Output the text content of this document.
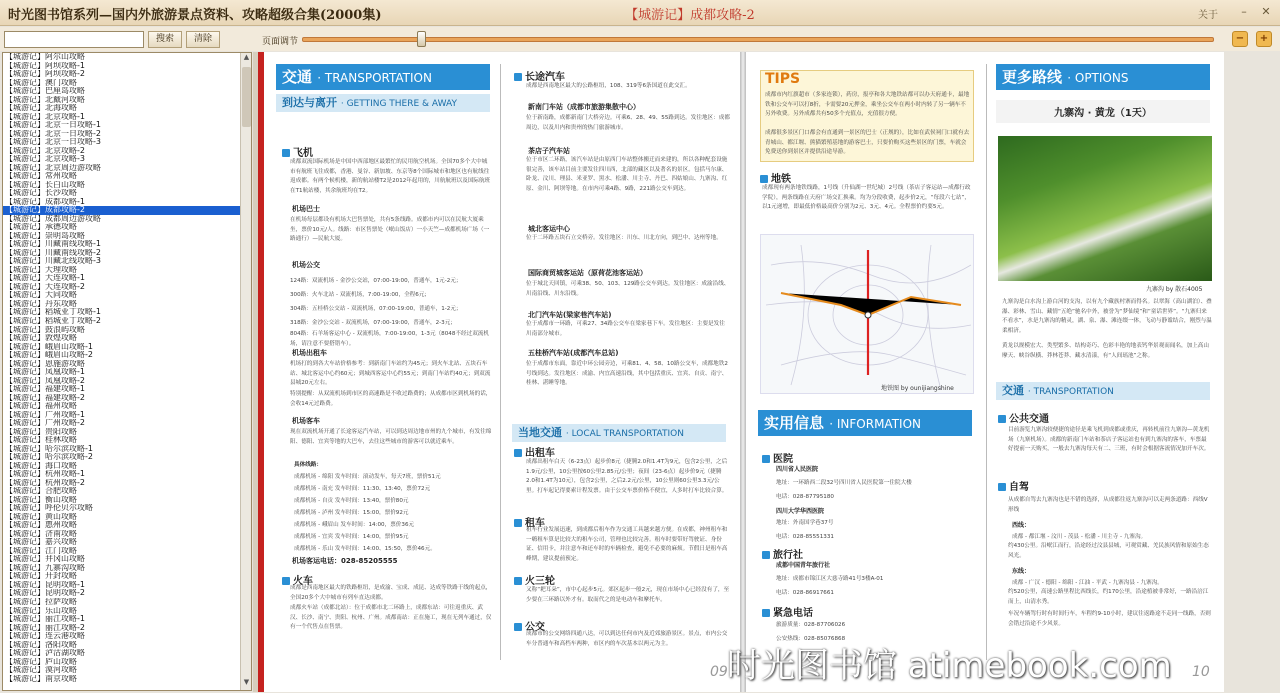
时光图书馆系列—国内外旅游景点资料、攻略超级合集(2000集)	【城游记】成都攻略-2	关于	–	✕
搜索	清除	页面调节	−	+
【城游记】阿尔山攻略
【城游记】阿坝攻略-1
【城游记】阿坝攻略-2
【城游记】澳门攻略
【城游记】巴厘岛攻略
【城游记】北戴河攻略
【城游记】北海攻略
【城游记】北京攻略-1
【城游记】北京一日攻略-1
【城游记】北京一日攻略-2
【城游记】北京一日攻略-3
【城游记】北京攻略-2
【城游记】北京攻略-3
【城游记】北京周边游攻略
【城游记】常州攻略
【城游记】长白山攻略
【城游记】长沙攻略
【城游记】成都攻略-1
【城游记】成都攻略-2
【城游记】成都周边游攻略
【城游记】承德攻略
【城游记】崇明岛攻略
【城游记】川藏南线攻略-1
【城游记】川藏南线攻略-2
【城游记】川藏北线攻略-3
【城游记】大理攻略
【城游记】大连攻略-1
【城游记】大连攻略-2
【城游记】大同攻略
【城游记】丹东攻略
【城游记】稻城亚丁攻略-1
【城游记】稻城亚丁攻略-2
【城游记】鼓浪屿攻略
【城游记】敦煌攻略
【城游记】峨眉山攻略-1
【城游记】峨眉山攻略-2
【城游记】恩施游攻略
【城游记】凤凰攻略-1
【城游记】凤凰攻略-2
【城游记】福建攻略-1
【城游记】福建攻略-2
【城游记】福州攻略
【城游记】广州攻略-1
【城游记】广州攻略-2
【城游记】贵阳攻略
【城游记】桂林攻略
【城游记】哈尔滨攻略-1
【城游记】哈尔滨攻略-2
【城游记】海口攻略
【城游记】杭州攻略-1
【城游记】杭州攻略-2
【城游记】合肥攻略
【城游记】衡山攻略
【城游记】呼伦贝尔攻略
【城游记】黄山攻略
【城游记】惠州攻略
【城游记】济南攻略
【城游记】嘉兴攻略
【城游记】江门攻略
【城游记】井冈山攻略
【城游记】九寨沟攻略
【城游记】开封攻略
【城游记】昆明攻略-1
【城游记】昆明攻略-2
【城游记】拉萨攻略
【城游记】乐山攻略
【城游记】丽江攻略-1
【城游记】丽江攻略-2
【城游记】连云港攻略
【城游记】洛阳攻略
【城游记】泸沽湖攻略
【城游记】庐山攻略
【城游记】漠河攻略
【城游记】南京攻略
▲
▼
交通 · TRANSPORTATION
到达与离开 · GETTING THERE & AWAY
飞机
成都双流国际机场是中国中西部地区最繁忙的民用航空机场。全国70多个大中城市有航班飞往成都，香港、曼谷、新加坡、东京等8个国际城市和地区也有航线往返成都。有两个候机楼，新的航站楼T2是2012年起用的，川航航班以及国际航班在T1航站楼，其余航班均在T2。
机场巴士
在机场每层都设有机场大巴售票处，共有5条线路。成都市内可以在民航大厦乘坐，票价10元/人。线路：市区售票处（岷山饭店）一小天竺—成都机场广场（一路通行）—民航大厦。
机场公交
124路：双流机场 - 金沙公交站，07:00-19:00，普通车，1元-2元；
300路：火车北站 - 双流机场，7:00-19:00，全程6元；
304路：五桂桥公交站 - 双流机场，07:00-19:00，普通车，1-2元；
318路：金沙公交站 - 双流机场，07:00-19:00，普通车，2-3元；
804路：石羊场客运中心 - 双流机场，7:00-19:00，1-3元（8048不经过双流机场，请注意不要搭错车）。
机场出租车
机场打的到各大车站价格参考：到新南门车站约为45元；到火车北站、五块石车站、城北客运中心约60元；到城西客运中心约55元；到南门车站约40元；到双流县城20元左右。
特别提醒：从双流机场到市区的高速路是不收过路费的；从成都市区到机场的话，会收14元过路费。
机场客车
现在双流机场开通了长途客运汽车站，可以到达周边地市州的九个城市，有发往绵阳、德阳、宜宾等地的大巴车，去往这些城市的游客可以就近乘车。
具体线路：
成都机场 - 绵阳 发车时间：滚动发车，每天7班，票价51元
成都机场 - 南充 发车时间：11:30、13:40，票价72元
成都机场 - 自贡 发车时间：13:40，票价80元
成都机场 - 泸州 发车时间：15:00，票价92元
成都机场 - 峨眉山 发车时间：14:00，票价36元
成都机场 - 宜宾 发车时间：14:00，票价95元
成都机场 - 乐山 发车时间：14:00、15:50，票价46元。
机场客运电话：028-85205555
火车
成都是西南地区最大的铁路枢纽，是成渝、宝成、成昆、达成等铁路干线的起点，全国20多个大中城市有列车直达成都。
成都火车站（成都北站）：位于成都市北二环路上，成都东站：可往返重庆、武汉、长沙、南宁、贵阳、杭州、广州。成都南站：正在施工，现在无列车通过，仅有一个代售点在售票。
长途汽车
成都是西南地区最大的公路枢纽，108、319等6条国道在此交汇。
新南门车站（成都市旅游集散中心）
位于新南路，成都新南门大桥旁边。可乘6、28、49、55路到达。发往地区：成都周边，以及川内和贵州的热门旅游城市。
茶店子汽车站
位于市区二环路，该汽车站是由原西门车站整体搬迁而来建的，所以各种配套设施很完善，该车站目前主要发往四川西，北部的藏区以及著名的景区。包括马尔康、卧龙、汶川、理县、米亚罗、黑水、松潘、川主寺、丹巴、四姑娘山、九寨沟、红原、金川、阿坝等地。在市内可乘4路、9路，221路公交车到达。
城北客运中心
位于二环路五块石立交桥旁。发往地区：川东、川北方向，到巴中、达州等地。
国际商贸城客运站（原荷花池客运站）
位于城北天回镇，可乘38、50、103、129路公交车到达。发往地区：成渝沿线、川南沿线、川东沿线。
北门汽车站(梁家巷汽车站)
位于成都市一环路，可乘27、34路公交车在梁家巷下车。发往地区：主要是发往川南部分城市。
五桂桥汽车站(成都汽车总站)
位于成都市东面，靠近中环公园旁边，可乘81、4、58、10路公交车，成都地铁2号线到达。发往地区：成渝、内宜高速沿线，其中包括重庆、宜宾、自贡、南宁、桂林、湛睡等地。
当地交通 · LOCAL TRANSPORTATION
出租车
成都出租车白天（6-23点）起步价8元（捷腾2.0和1.4T为9元，包含2公里，之后1.9元/公里，10公里按60公里2.85元/公里；夜间（23-6点）起步价9元（捷腾2.0和1.4T为10元），包含2公里，之后2.2元/公里，10公里则60公里3.3元/公里。打车起记得要索计程发票。由于公交车票价格不便宜，人多时打车比较合算。
租车
租车行业发展迅速，到成都后租车作为交通工具越来越方便。在成都，神州租车和一嗨租车算是比较大的租车公司，管理也比较完善。租车时要带好驾驶证、身份证、信用卡，并注意车和还车时的车辆检查，避免不必要的麻烦。节假日是租车高峰期，建议提前预定。
火三轮
又称“耙耳朵”，市中心起步5元。郊区起步一般2元，现在市场中心已经没有了，至少要在三环路以外才有。取而代之的是电动车和摩托车。
公交
成都市的公交网络四通八达，可以到达任何市内及近郊旅游景区。景点，市内公交车分普通车和高档车两种，市区内的车次基本以两元为主。
09
TIPS
成都市内红旗超市（多家连锁），药房，报亭和各大地铁站都可以办天府通卡，最地铁和公交车可以打8折，卡需要20元押金，乘坐公交车在两小时内转了另一辆车不另外收费。另外成都共有50多个充值点，充值很方便。
成都很多景区门口都会有直通到一景区的巴士（正规的），比如在武侯祠门口就有去青城山、都江堰、熊猫繁殖基地的游客巴士，只要价购买这些景区的门票，车就会免费送你到景区并提供沿途导游。
地铁
成都现有两条地铁线路，1号线（升仙湖一世纪城）2号线（茶店子客运站—成都行政学院），两条线路在天府广场交汇换乘。均为分段收费，起步价2元，“每段六七站”，以1元递增，即最低价格最高价分别为2元、3元、4元。全程票价约要5元。
地铁图 by ounijiangshine
实用信息 · INFORMATION
医院
四川省人民医院
地址：一环路西二段32号四川省人民医院第一住院大楼
电话：028-87795180
四川大学华西医院
地址：外南国学巷37号
电话：028-85551331
旅行社
成都中国青年旅行社
地址：成都市锦江区大慈寺路41号3楼A-01
电话：028-86917661
紧急电话
旅游质量：028-87706026
公安热线：028-85076868
更多路线 · OPTIONS
九寨沟 · 黄龙（1天）
九寨沟 by 散石4005
九寨沟是白水沟上游白河的支沟，以有九个藏族村寨而得名。以翠海（高山湖泊）、叠瀑、彩林、雪山、藏情“五绝”驰名中外，被誉为“梦仙境”和“童话世界”。“九寨归来不看水”，水是九寨沟的精灵，湖、泉、瀑、滩连缀一体，飞动与静谧结合，刚烈与温柔相济。
黄龙以规模宏大、类型繁多、结构奇巧、色彩丰艳的地表钙华景观而闻名，加上高山摩天、峡谷纵横、莽林苍莽、藏水清漾，有“人间瑶池”之称。
交通 · TRANSPORTATION
公共交通
目前游览九寨沟较便捷的途径是乘飞机到成都或重庆，再转机前往九寨沟—黄龙机场（九寨机场）。成都的新南门车站和茶店子客运站也有到九寨沟的客车，车票最好提前一天购买，一般去九寨沟每天有二、三班，有时会根据客流情况加开车次。
自驾
从成都自驾去九寨沟也是不错的选择，从成都往返九寨沟可以走两条道路：西线V形线
西线：
成都 - 都江堰 - 汶川 - 茂县 - 松潘 - 川主寺 - 九寨沟。
约430公里。沿岷江而行，沿途经过汶县县城，可观赏藏、羌民族风情和原始生态风光。
东线：
成都 - 广汉 - 德阳 - 绵阳 - 江油 - 平武 - 九寨沟县 - 九寨沟。
约520公里，高速公路里程比西线长，约170公里，沿途植被非常好，一路沿涪江而上，山清水秀。
车况车辆驾行时有时间行车，车程约9-10小时，建议往返路途不走同一线路，否则会错过沿途不少风景。
10
时光图书馆 atimebook.com
